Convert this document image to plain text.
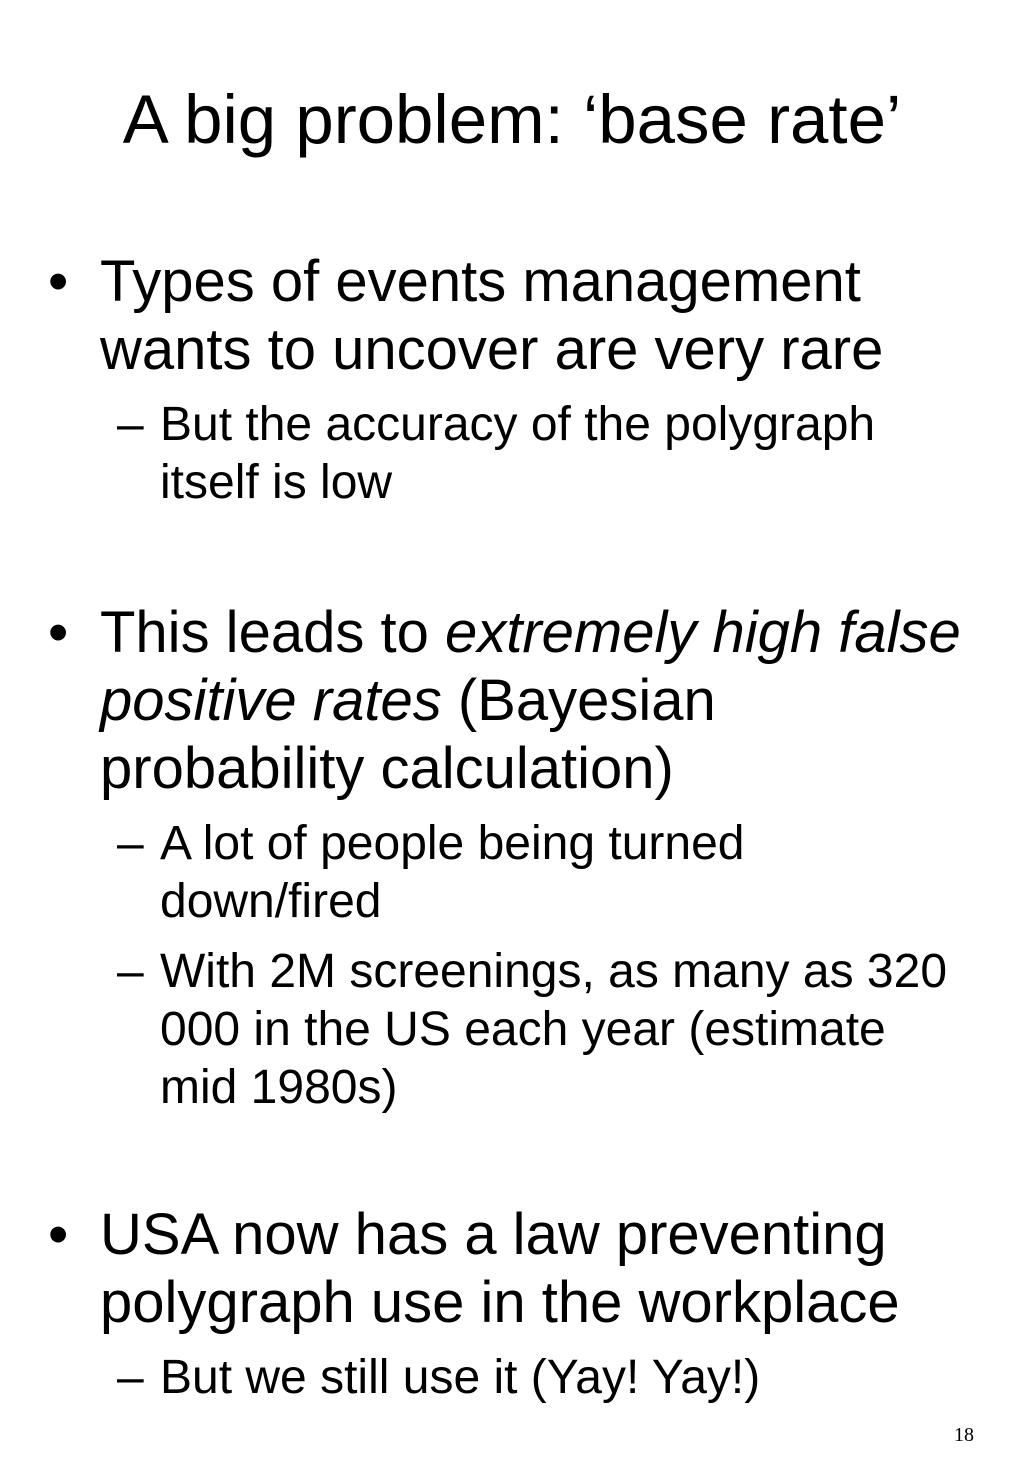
A big problem: ‘base rate’
• Types of events management wants to uncover are very rare
– But the accuracy of the polygraph itself is low
• This leads to extremely high false positive rates (Bayesian probability calculation)
– A lot of people being turned down/fired
– With 2M screenings, as many as 320 000 in the US each year (estimate mid 1980s)
• USA now has a law preventing polygraph use in the workplace
– But we still use it (Yay! Yay!)
18
